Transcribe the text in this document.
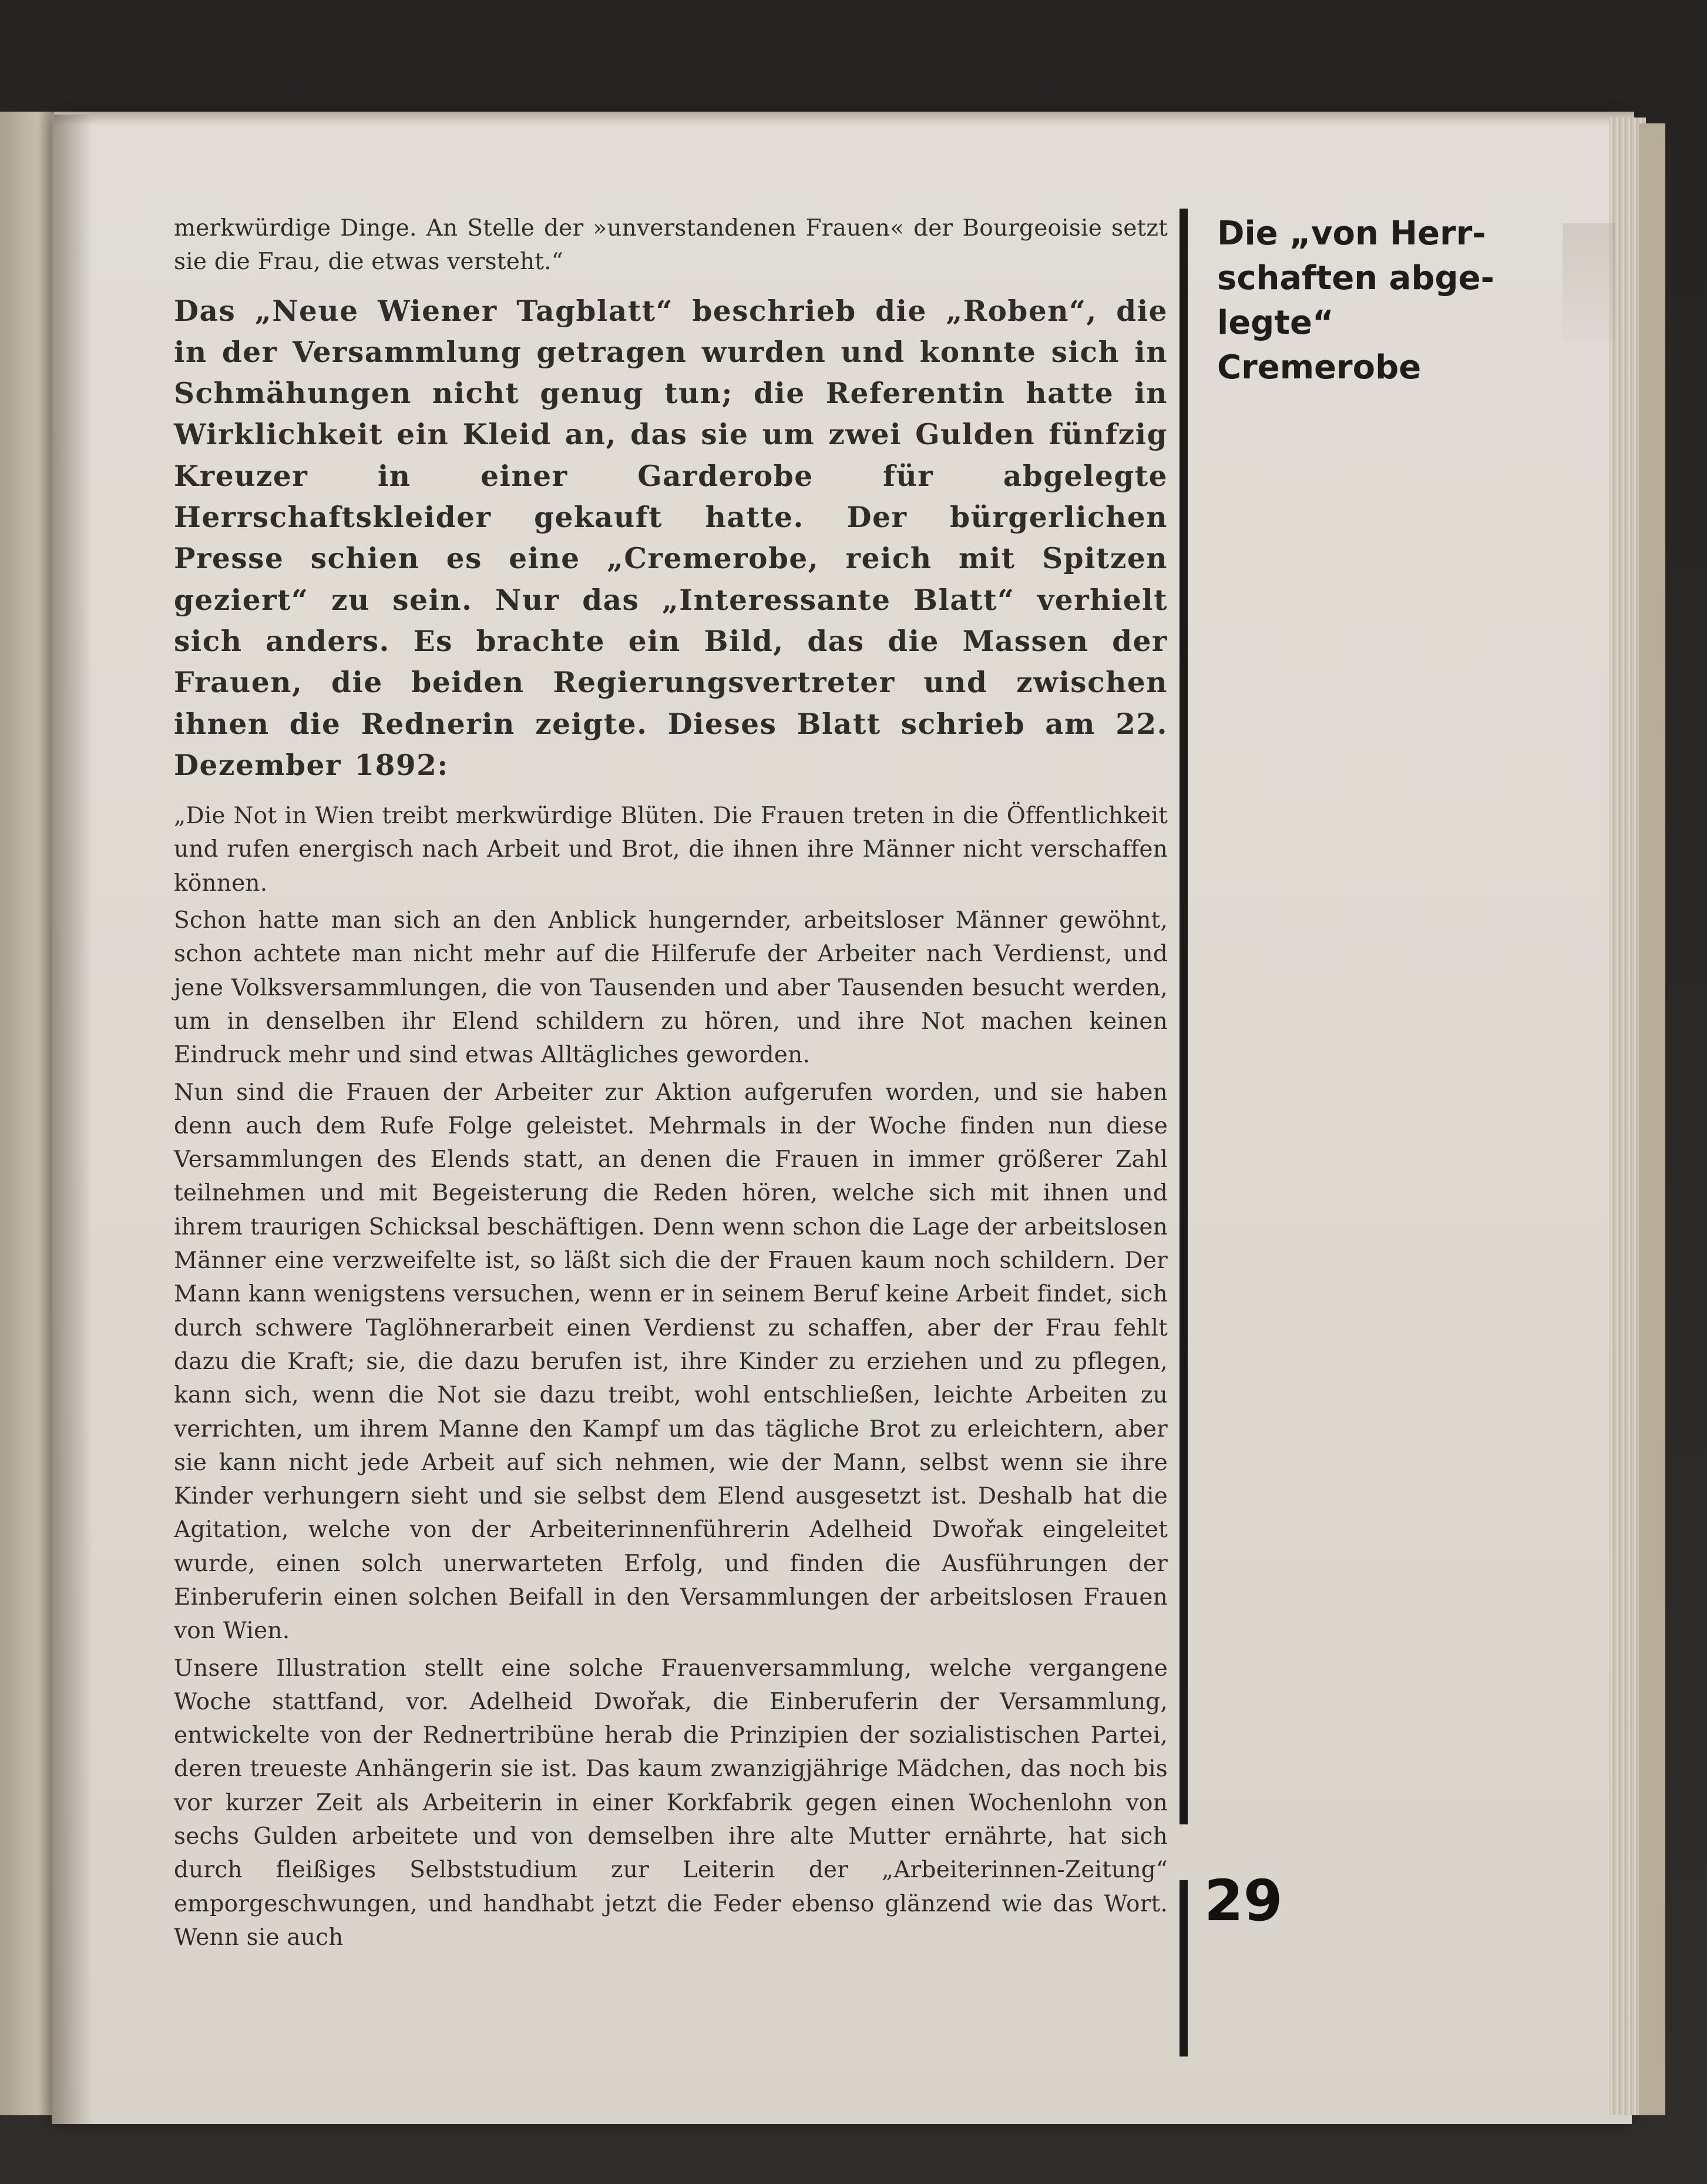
merkwürdige Dinge. An Stelle der »unverstandenen Frauen« der Bourgeoisie setzt sie die Frau, die etwas versteht.“

Das „Neue Wiener Tagblatt“ beschrieb die „Roben“, die in der Versammlung getragen wurden und konnte sich in Schmähungen nicht genug tun; die Referentin hatte in Wirklichkeit ein Kleid an, das sie um zwei Gulden fünfzig Kreuzer in einer Garderobe für abgelegte Herrschaftskleider gekauft hatte. Der bürgerlichen Presse schien es eine „Cremerobe, reich mit Spitzen geziert“ zu sein. Nur das „Interessante Blatt“ verhielt sich anders. Es brachte ein Bild, das die Massen der Frauen, die beiden Regierungsvertreter und zwischen ihnen die Rednerin zeigte. Dieses Blatt schrieb am 22. Dezember 1892:

„Die Not in Wien treibt merkwürdige Blüten. Die Frauen treten in die Öffentlichkeit und rufen energisch nach Arbeit und Brot, die ihnen ihre Männer nicht verschaffen können.

Schon hatte man sich an den Anblick hungernder, arbeitsloser Männer gewöhnt, schon achtete man nicht mehr auf die Hilferufe der Arbeiter nach Verdienst, und jene Volksversammlungen, die von Tausenden und aber Tausenden besucht werden, um in denselben ihr Elend schildern zu hören, und ihre Not machen keinen Eindruck mehr und sind etwas Alltägliches geworden.

Nun sind die Frauen der Arbeiter zur Aktion aufgerufen worden, und sie haben denn auch dem Rufe Folge geleistet. Mehrmals in der Woche finden nun diese Versammlungen des Elends statt, an denen die Frauen in immer größerer Zahl teilnehmen und mit Begeisterung die Reden hören, welche sich mit ihnen und ihrem traurigen Schicksal beschäftigen. Denn wenn schon die Lage der arbeitslosen Männer eine verzweifelte ist, so läßt sich die der Frauen kaum noch schildern. Der Mann kann wenigstens versuchen, wenn er in seinem Beruf keine Arbeit findet, sich durch schwere Taglöhnerarbeit einen Verdienst zu schaffen, aber der Frau fehlt dazu die Kraft; sie, die dazu berufen ist, ihre Kinder zu erziehen und zu pflegen, kann sich, wenn die Not sie dazu treibt, wohl entschließen, leichte Arbeiten zu verrichten, um ihrem Manne den Kampf um das tägliche Brot zu erleichtern, aber sie kann nicht jede Arbeit auf sich nehmen, wie der Mann, selbst wenn sie ihre Kinder verhungern sieht und sie selbst dem Elend ausgesetzt ist. Deshalb hat die Agitation, welche von der Arbeiterinnenführerin Adelheid Dwořak eingeleitet wurde, einen solch unerwarteten Erfolg, und finden die Ausführungen der Einberuferin einen solchen Beifall in den Versammlungen der arbeitslosen Frauen von Wien.

Unsere Illustration stellt eine solche Frauenversammlung, welche vergangene Woche stattfand, vor. Adelheid Dwořak, die Einberuferin der Versammlung, entwickelte von der Rednertribüne herab die Prinzipien der sozialistischen Partei, deren treueste Anhängerin sie ist. Das kaum zwanzigjährige Mädchen, das noch bis vor kurzer Zeit als Arbeiterin in einer Korkfabrik gegen einen Wochenlohn von sechs Gulden arbeitete und von demselben ihre alte Mutter ernährte, hat sich durch fleißiges Selbststudium zur Leiterin der „Arbeiterinnen-Zeitung“ emporgeschwungen, und handhabt jetzt die Feder ebenso glänzend wie das Wort. Wenn sie auch

Die „von Herr-
schaften abge-
legte“ Cremerobe

29
